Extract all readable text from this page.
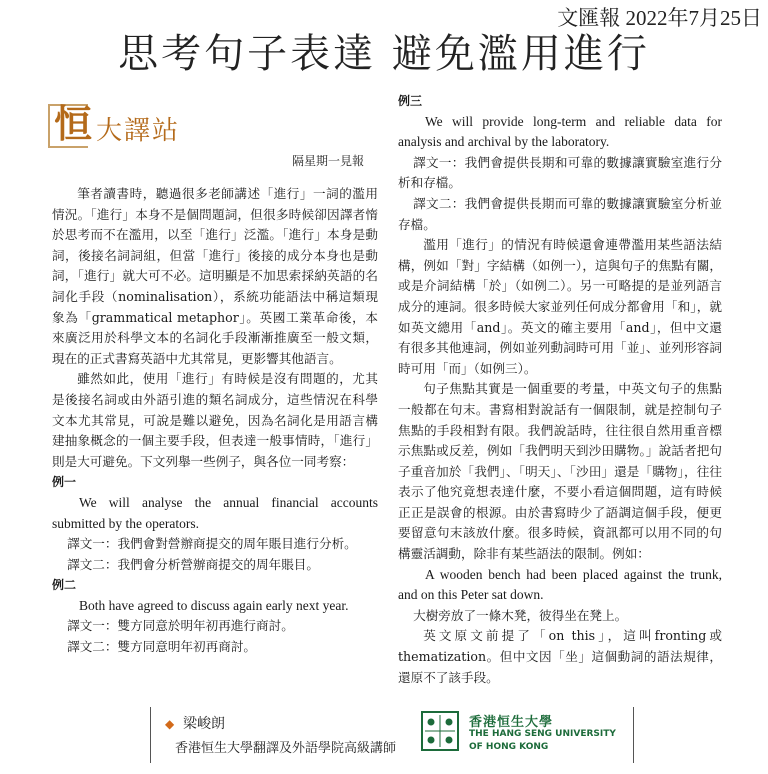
文匯報 2022年7月25日
思考句子表達 避免濫用進行
恒 大譯站
隔星期一見報

筆者讀書時，聽過很多老師講述「進行」一詞的濫用情況。「進行」本身不是個問題詞，但很多時候卻因譯者惰於思考而不在濫用，以至「進行」泛濫。「進行」本身是動詞，後接名詞詞組，但當「進行」後接的成分本身也是動詞，「進行」就大可不必。這明顯是不加思索採納英語的名詞化手段（nominalisation），系統功能語法中稱這類現象為「grammatical metaphor」。英國工業革命後，本來廣泛用於科學文本的名詞化手段漸漸推廣至一般文類，現在的正式書寫英語中尤其常見，更影響其他語言。

雖然如此，使用「進行」有時候是沒有問題的，尤其是後接名詞或由外語引進的類名詞成分，這些情況在科學文本尤其常見，可說是難以避免，因為名詞化是用語言構建抽象概念的一個主要手段，但表達一般事情時，「進行」則是大可避免。下文列舉一些例子，與各位一同考察：

例一

We will analyse the annual financial accounts submitted by the operators.

譯文一：我們會對營辦商提交的周年賬目進行分析。

譯文二：我們會分析營辦商提交的周年賬目。

例二

Both have agreed to discuss again early next year.

譯文一：雙方同意於明年初再進行商討。

譯文二：雙方同意明年初再商討。

例三

We will provide long-term and reliable data for analysis and archival by the laboratory.

譯文一：我們會提供長期和可靠的數據讓實驗室進行分析和存檔。

譯文二：我們會提供長期而可靠的數據讓實驗室分析並存檔。

濫用「進行」的情況有時候還會連帶濫用某些語法結構，例如「對」字結構（如例一），這與句子的焦點有關，或是介詞結構「於」（如例二）。另一可略提的是並列語言成分的連詞。很多時候大家並列任何成分都會用「和」，就如英文總用「and」。英文的確主要用「and」，但中文還有很多其他連詞，例如並列動詞時可用「並」、並列形容詞時可用「而」（如例三）。

句子焦點其實是一個重要的考量，中英文句子的焦點一般都在句末。書寫相對說話有一個限制，就是控制句子焦點的手段相對有限。我們說話時，往往很自然用重音標示焦點或反差，例如「我們明天到沙田購物。」說話者把句子重音加於「我們」、「明天」、「沙田」還是「購物」，往往表示了他究竟想表達什麼，不要小看這個問題，這有時候正正是誤會的根源。由於書寫時少了語調這個手段，便更要留意句末該放什麼。很多時候，資訊都可以用不同的句構靈活調動，除非有某些語法的限制。例如：

A wooden bench had been placed against the trunk, and on this Peter sat down.

大樹旁放了一條木凳，彼得坐在凳上。

英文原文前提了「on this」，這叫fronting或thematization。但中文因「坐」這個動詞的語法規律，還原不了該手段。

◆ 梁峻朗
香港恒生大學翻譯及外語學院高級講師
香港恒生大學
THE HANG SENG UNIVERSITY
OF HONG KONG
